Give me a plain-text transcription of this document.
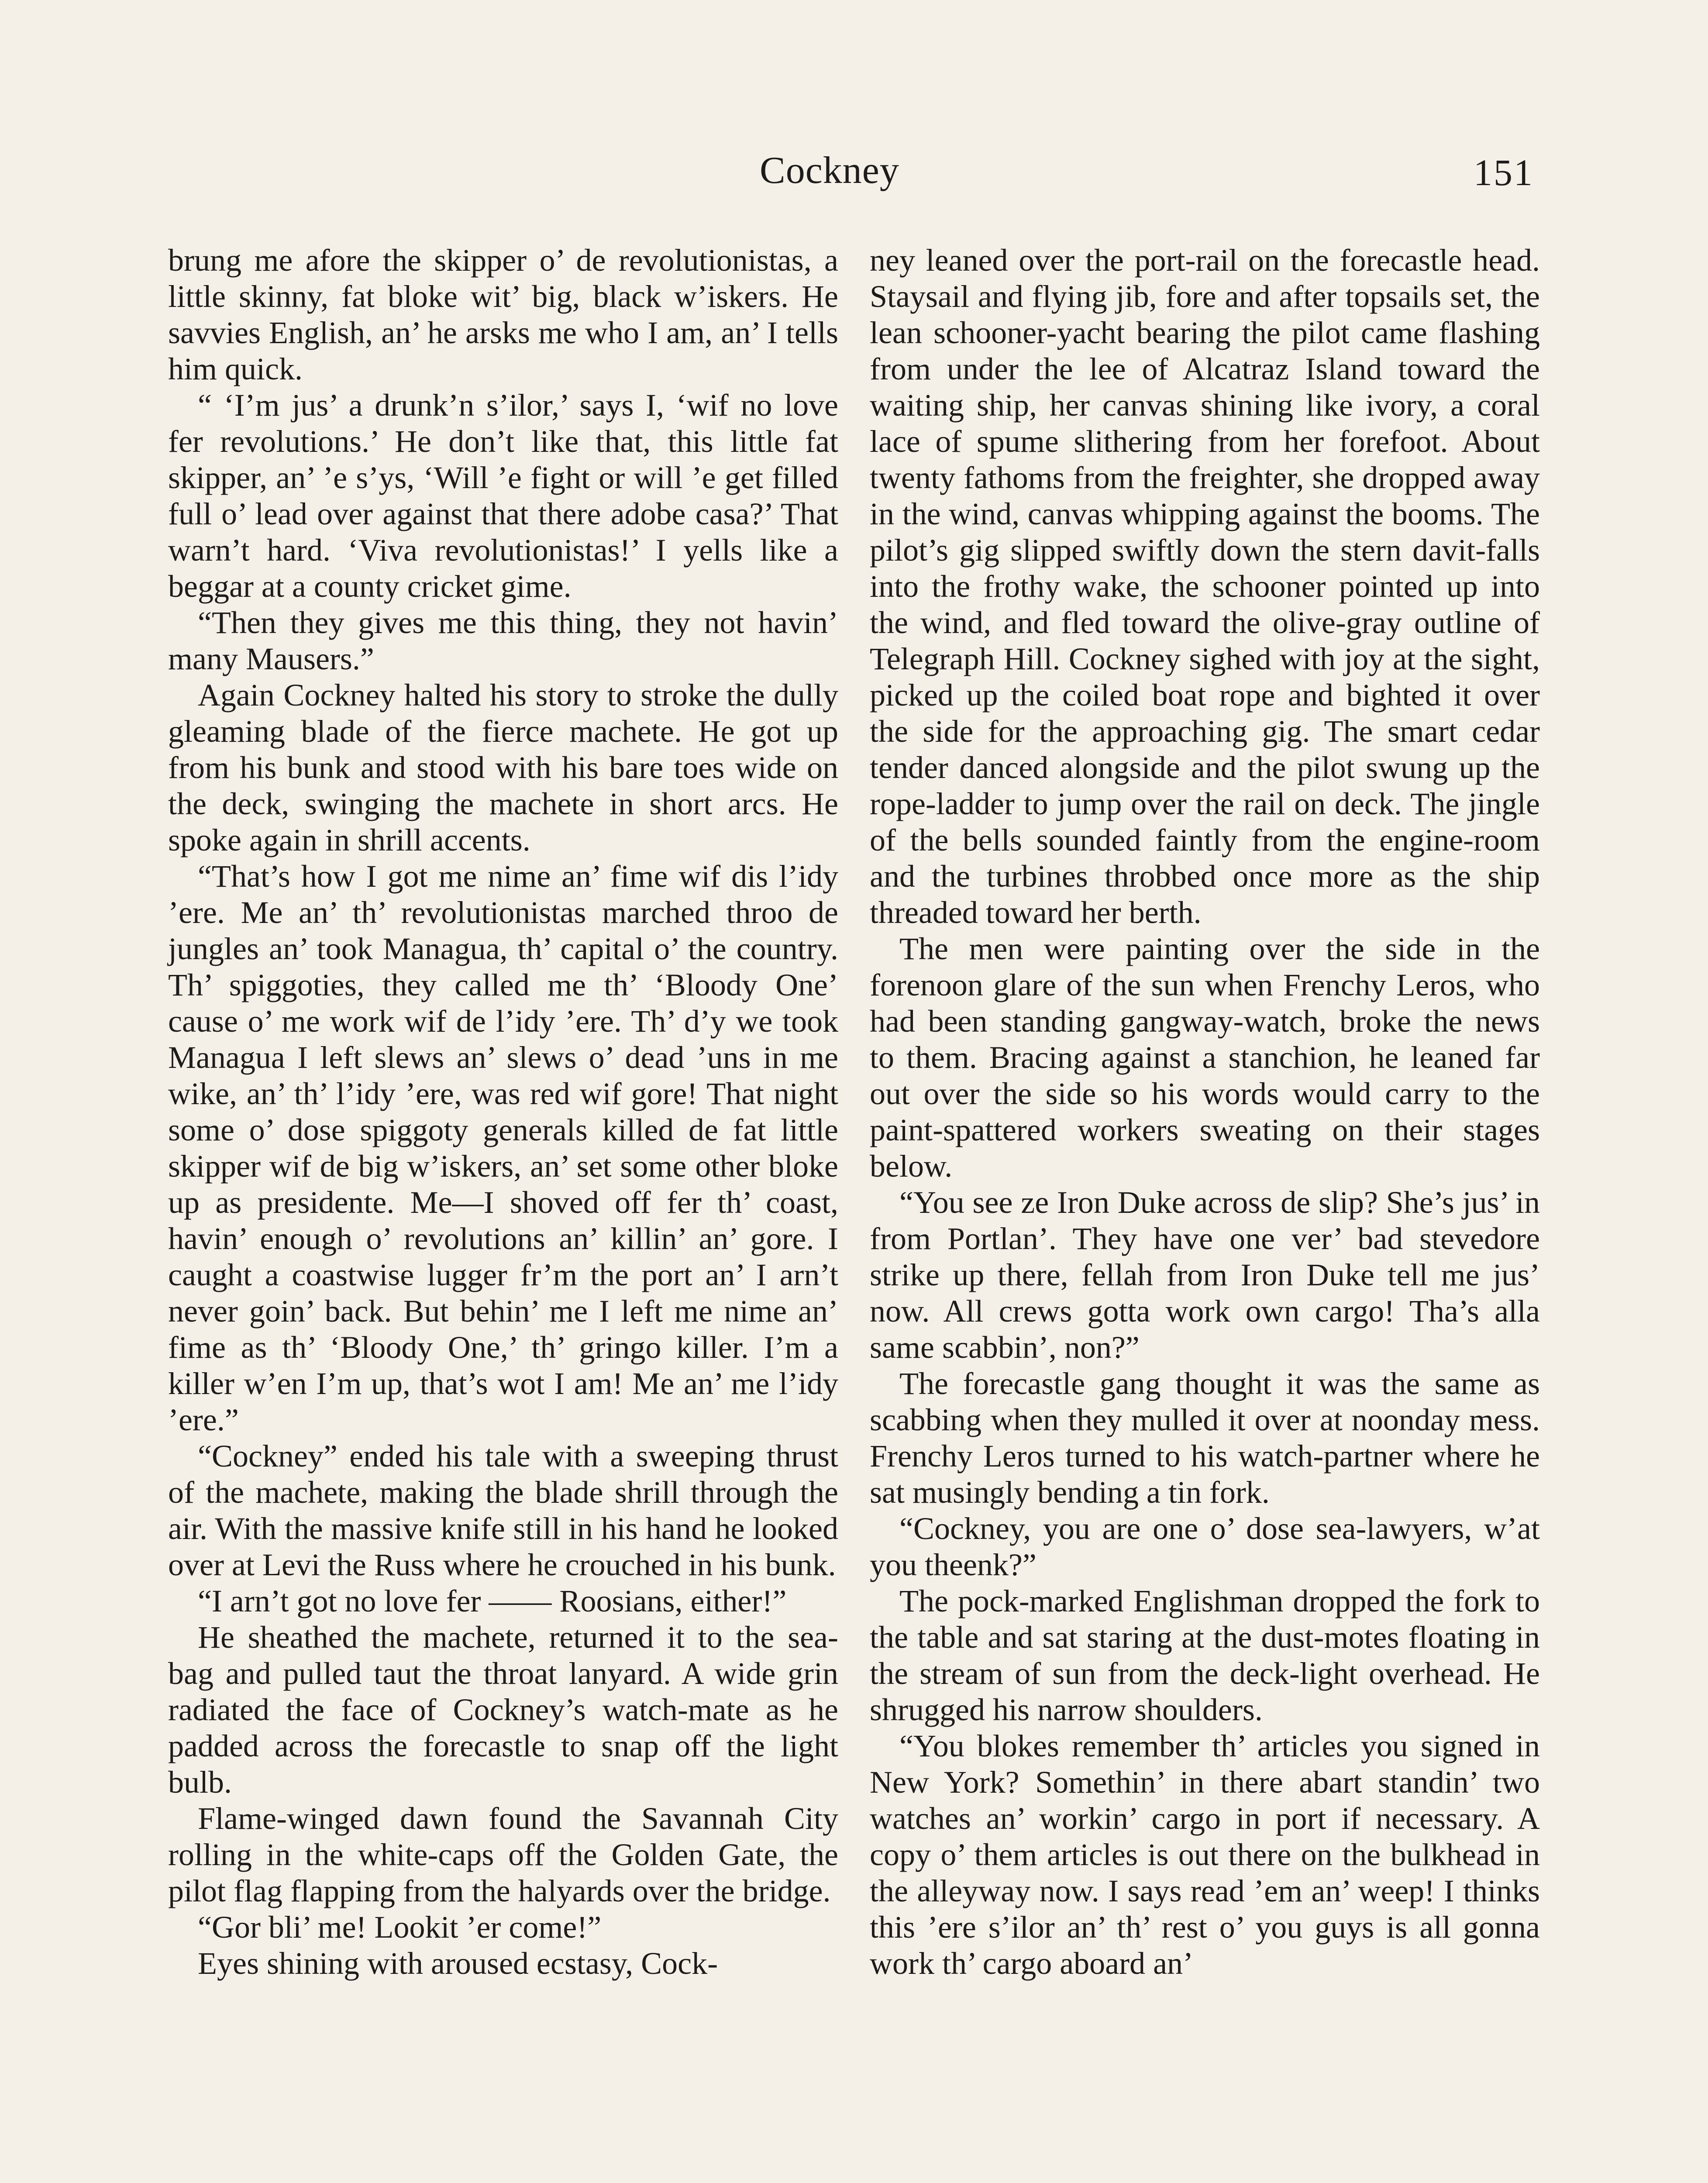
Cockney	151

brung me afore the skipper o’ de revolutionistas, a little skinny, fat bloke wit’ big, black w’iskers. He savvies English, an’ he arsks me who I am, an’ I tells him quick.

“ ‘I’m jus’ a drunk’n s’ilor,’ says I, ‘wif no love fer revolutions.’ He don’t like that, this little fat skipper, an’ ’e s’ys, ‘Will ’e fight or will ’e get filled full o’ lead over against that there adobe casa?’ That warn’t hard. ‘Viva revolutionistas!’ I yells like a beggar at a county cricket gime.

“Then they gives me this thing, they not havin’ many Mausers.”

Again Cockney halted his story to stroke the dully gleaming blade of the fierce machete. He got up from his bunk and stood with his bare toes wide on the deck, swinging the machete in short arcs. He spoke again in shrill accents.

“That’s how I got me nime an’ fime wif dis l’idy ’ere. Me an’ th’ revolutionistas marched throo de jungles an’ took Managua, th’ capital o’ the country. Th’ spiggoties, they called me th’ ‘Bloody One’ cause o’ me work wif de l’idy ’ere. Th’ d’y we took Managua I left slews an’ slews o’ dead ’uns in me wike, an’ th’ l’idy ’ere, was red wif gore! That night some o’ dose spiggoty generals killed de fat little skipper wif de big w’iskers, an’ set some other bloke up as presidente. Me—I shoved off fer th’ coast, havin’ enough o’ revolutions an’ killin’ an’ gore. I caught a coastwise lugger fr’m the port an’ I arn’t never goin’ back. But behin’ me I left me nime an’ fime as th’ ‘Bloody One,’ th’ gringo killer. I’m a killer w’en I’m up, that’s wot I am! Me an’ me l’idy ’ere.”

“Cockney” ended his tale with a sweeping thrust of the machete, making the blade shrill through the air. With the massive knife still in his hand he looked over at Levi the Russ where he crouched in his bunk.

“I arn’t got no love fer —— Roosians, either!”

He sheathed the machete, returned it to the sea-bag and pulled taut the throat lanyard. A wide grin radiated the face of Cockney’s watch-mate as he padded across the forecastle to snap off the light bulb.

Flame-winged dawn found the Savannah City rolling in the white-caps off the Golden Gate, the pilot flag flapping from the halyards over the bridge.

“Gor bli’ me! Lookit ’er come!”

Eyes shining with aroused ecstasy, Cock-

ney leaned over the port-rail on the forecastle head. Staysail and flying jib, fore and after topsails set, the lean schooner-yacht bearing the pilot came flashing from under the lee of Alcatraz Island toward the waiting ship, her canvas shining like ivory, a coral lace of spume slithering from her forefoot. About twenty fathoms from the freighter, she dropped away in the wind, canvas whipping against the booms. The pilot’s gig slipped swiftly down the stern davit-falls into the frothy wake, the schooner pointed up into the wind, and fled toward the olive-gray outline of Telegraph Hill. Cockney sighed with joy at the sight, picked up the coiled boat rope and bighted it over the side for the approaching gig. The smart cedar tender danced alongside and the pilot swung up the rope-ladder to jump over the rail on deck. The jingle of the bells sounded faintly from the engine-room and the turbines throbbed once more as the ship threaded toward her berth.

The men were painting over the side in the forenoon glare of the sun when Frenchy Leros, who had been standing gangway-watch, broke the news to them. Bracing against a stanchion, he leaned far out over the side so his words would carry to the paint-spattered workers sweating on their stages below.

“You see ze Iron Duke across de slip? She’s jus’ in from Portlan’. They have one ver’ bad stevedore strike up there, fellah from Iron Duke tell me jus’ now. All crews gotta work own cargo! Tha’s alla same scabbin’, non?”

The forecastle gang thought it was the same as scabbing when they mulled it over at noonday mess. Frenchy Leros turned to his watch-partner where he sat musingly bending a tin fork.

“Cockney, you are one o’ dose sea-lawyers, w’at you theenk?”

The pock-marked Englishman dropped the fork to the table and sat staring at the dust-motes floating in the stream of sun from the deck-light overhead. He shrugged his narrow shoulders.

“You blokes remember th’ articles you signed in New York? Somethin’ in there abart standin’ two watches an’ workin’ cargo in port if necessary. A copy o’ them articles is out there on the bulkhead in the alleyway now. I says read ’em an’ weep! I thinks this ’ere s’ilor an’ th’ rest o’ you guys is all gonna work th’ cargo aboard an’
